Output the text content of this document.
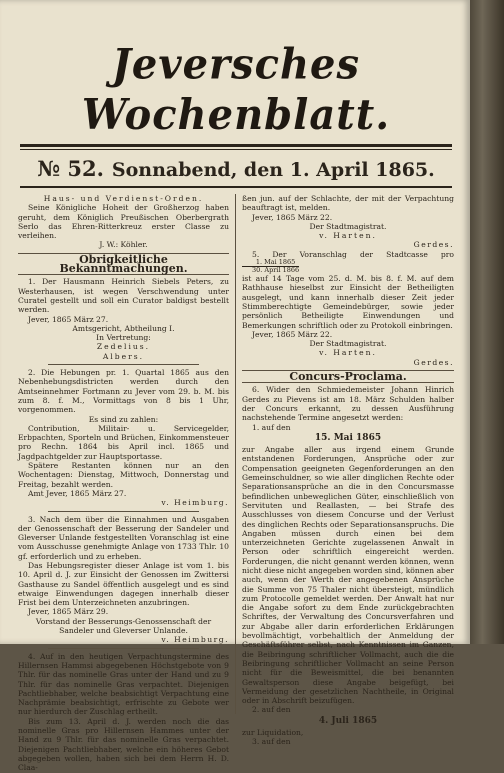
Jeversches Wochenblatt.
№ 52. Sonnabend, den 1. April 1865.
Haus- und Verdienst-Orden.
Seine Königliche Hoheit der Großherzog haben geruht, dem Königlich Preußischen Oberbergrath Serlo das Ehren-Ritterkreuz erster Classe zu verleihen.
J. W.: Köhler.
Obrigkeitliche Bekanntmachungen.
1. Der Hausmann Heinrich Siebels Peters, zu Westerhausen, ist wegen Verschwendung unter Curatel gestellt und soll ein Curator baldigst bestellt werden.
Jever, 1865 März 27.
Amtsgericht, Abtheilung I.
In Vertretung:
Zedelius.
Albers.
2. Die Hebungen pr. 1. Quartal 1865 aus den Nebenhebungsdistricten werden durch den Amtseinnehmer Fortmann zu Jever vom 29. b. M. bis zum 8. f. M., Vormittags von 8 bis 1 Uhr, vorgenommen.
Es sind zu zahlen:
Contribution, Militair- u. Servicegelder, Erbpachten, Sporteln und Brüchen, Einkommensteuer pro Rechn. 1864 bis April incl. 1865 und Jagdpachtgelder zur Hauptsportasse.
Spätere Restanten können nur an den Wochentagen: Dienstag, Mittwoch, Donnerstag und Freitag, bezahlt werden.
Amt Jever, 1865 März 27.
v. Heimburg.
3. Nach dem über die Einnahmen und Ausgaben der Genossenschaft der Besserung der Sandeler und Gleverser Unlande festgestellten Voranschlag ist eine vom Ausschusse genehmigte Anlage von 1733 Thlr. 10 gf. erforderlich und zu erheben.
Das Hebungsregister dieser Anlage ist vom 1. bis 10. April d. J. zur Einsicht der Genossen im Zwittersi Gasthause zu Sandel öffentlich ausgelegt und es sind etwaige Einwendungen dagegen innerhalb dieser Frist bei dem Unterzeichneten anzubringen.
Jever, 1865 März 29.
Vorstand der Besserungs-Genossenschaft der Sandeler und Gleverser Unlande.
v. Heimburg.
4. Auf in den heutigen Verpachtungstermine des Hillernsen Hammsi abgegebenen Höchstgebote von 9 Thlr. für das nominelle Gras unter der Hand und zu 9 Thlr. für das nominelle Gras verpachtet. Diejenigen Pachtliebhaber, welche beabsichtigt Verpachtung eine Nachprämie beabsichtigt, erfrischte zu Gebote wer nur hierdurch der Zuschlag ertheilt.
Bis zum 13. April d. J. werden noch die das nominelle Gras pro Hillernsen Hammes unter der Hand zu 9 Thlr. für das nominelle Gras verpachtet. Diejenigen Pachtliebhaber, welche ein höheres Gebot abgegeben wollen, haben sich bei dem Herrn H. D. Claa-
ßen jun. auf der Schlachte, der mit der Verpachtung beauftragt ist, melden.
Jever, 1865 März 22.
Der Stadtmagistrat.
v. Harten.
Gerdes.
5. Der Voranschlag der Stadtcasse pro
$\frac{\text{1. Mai 1865}}{\text{30. April 1866}}$
ist auf 14 Tage vom 25. d. M. bis 8. f. M. auf dem Rathhause hieselbst zur Einsicht der Betheiligten ausgelegt, und kann innerhalb dieser Zeit jeder Stimmberechtigte Gemeindebürger, sowie jeder persönlich Betheiligte Einwendungen und Bemerkungen schriftlich oder zu Protokoll einbringen.
Jever, 1865 März 22.
Der Stadtmagistrat.
v. Harten.
Gerdes.
Concurs-Proclama.
6. Wider den Schmiedemeister Johann Hinrich Gerdes zu Pievens ist am 18. März Schulden halber der Concurs erkannt, zu dessen Ausführung nachstehende Termine angesetzt werden:
1. auf den
15. Mai 1865
zur Angabe aller aus irgend einem Grunde entstandenen Forderungen, Ansprüche oder zur Compensation geeigneten Gegenforderungen an den Gemeinschuldner, so wie aller dinglichen Rechte oder Separationsansprüche an die in den Concursmasse befindlichen unbeweglichen Güter, einschließlich von Servituten und Reallasten, — bei Strafe des Ausschlusses von diesem Concurse und der Verlust des dinglichen Rechts oder Separationsanspruchs. Die Angaben müssen durch einen bei dem unterzeichneten Gerichte zugelassenen Anwalt in Person oder schriftlich eingereicht werden. Forderungen, die nicht genannt werden können, wenn nicht diese nicht angegeben worden sind, können aber auch, wenn der Werth der angegebenen Ansprüche die Summe von 75 Thaler nicht übersteigt, mündlich zum Protocolle gemeldet werden. Der Anwalt hat nur die Angabe sofort zu dem Ende zurückgebrachten Schriftes, der Verwaltung des Concursverfahren und zur Abgabe aller darin erforderlichen Erklärungen bevollmächtigt, vorbehaltlich der Anmeldung der Geschäftsführer selbst, nach Kenntnissen im Ganzen, die Beibringung schriftlicher Vollmacht, auch die die Beibringung schriftlicher Vollmacht an seine Person nicht für die Beweismittel, die bei benannten Gewaltsperson diese Angabe beigefügt, bei Vermeidung der gesetzlichen Nachtheile, in Original oder in Abschrift beizufügen.
2. auf den
4. Juli 1865
zur Liquidation,
3. auf den
